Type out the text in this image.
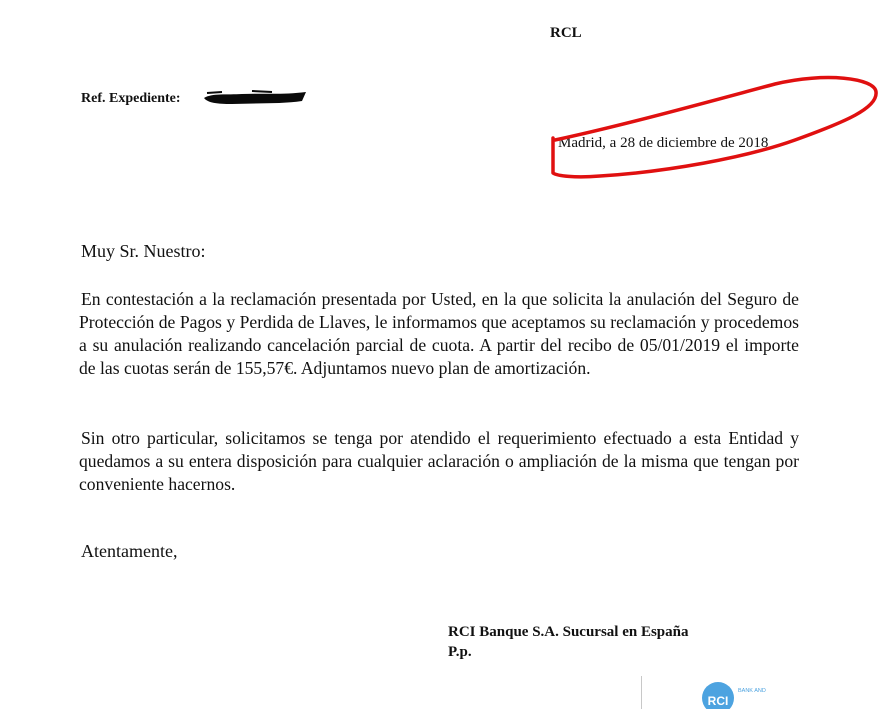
RCL
Ref. Expediente:
Madrid, a 28 de diciembre de 2018
Muy Sr. Nuestro:

En contestación a la reclamación presentada por Usted, en la que solicita la anulación del Seguro de Protección de Pagos y Perdida de Llaves, le informamos que aceptamos su reclamación y procedemos a su anulación realizando cancelación parcial de cuota. A partir del recibo de 05/01/2019 el importe de las cuotas serán de 155,57€. Adjuntamos nuevo plan de amortización.

Sin otro particular, solicitamos se tenga por atendido el requerimiento efectuado a esta Entidad y quedamos a su entera disposición para cualquier aclaración o ampliación de la misma que tengan por conveniente hacernos.

Atentamente,
RCI Banque S.A. Sucursal en España
P.p.
RCI
BANK AND
